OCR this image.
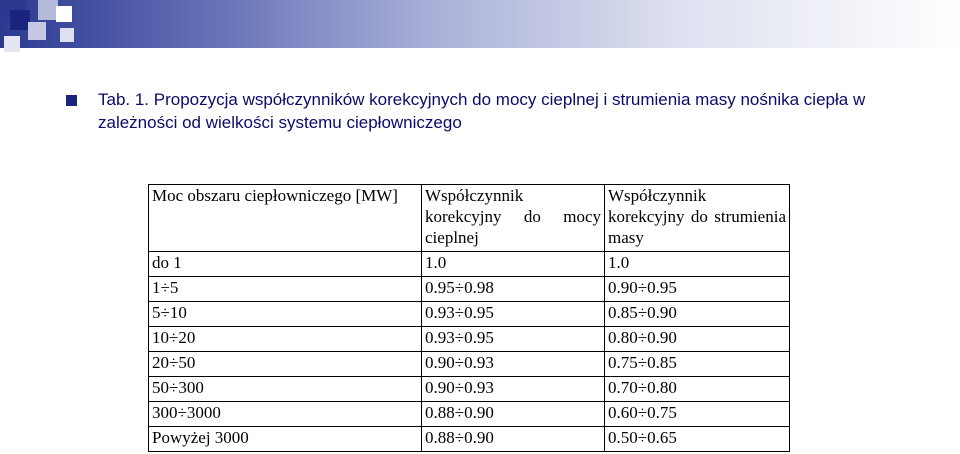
Tab. 1. Propozycja współczynników korekcyjnych do mocy cieplnej i strumienia masy nośnika ciepła w zależności od wielkości systemu ciepłowniczego
Moc obszaru ciepłowniczego [MW]	Współczynnik korekcyjny do mocy cieplnej	Współczynnik korekcyjny do strumienia masy
do 1	1.0	1.0
1÷5	0.95÷0.98	0.90÷0.95
5÷10	0.93÷0.95	0.85÷0.90
10÷20	0.93÷0.95	0.80÷0.90
20÷50	0.90÷0.93	0.75÷0.85
50÷300	0.90÷0.93	0.70÷0.80
300÷3000	0.88÷0.90	0.60÷0.75
Powyżej 3000	0.88÷0.90	0.50÷0.65
